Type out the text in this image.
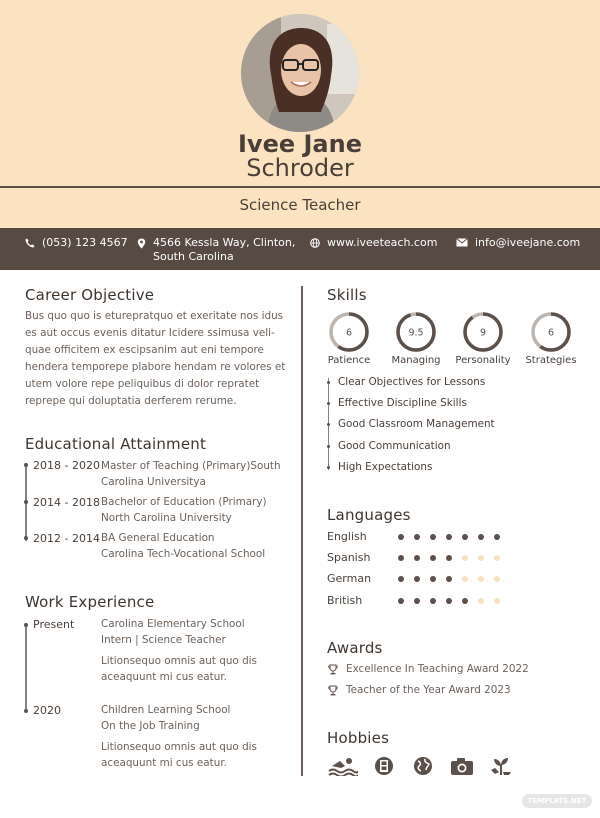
Ivee Jane
Schroder
Science Teacher
(053) 123 4567 4566 Kessla Way, Clinton,
South Carolina
www.iveeteach.com	info@iveejane.com
Career Objective
Bus quo quo is eturepratquo et exeritate nos idus
es aut occus evenis ditatur Icidere ssimusa veli-
quae officitem ex escipsanim aut eni tempore
hendera temporepe plabore hendam re volores et
utem volore repe peliquibus di dolor repratet
reprepe qui doluptatia derferem rerume.
Educational Attainment
2018 - 2020 Master of Teaching (Primary)South
Carolina Universitya
2014 - 2018 Bachelor of Education (Primary)
North Carolina University
2012 - 2014 BA General Education
Carolina Tech-Vocational School
Work Experience
Present	Carolina Elementary School
Intern | Science Teacher
Litionsequo omnis aut quo dis
aceaquunt mi cus eatur.
2020	Children Learning School
On the Job Training
Litionsequo omnis aut quo dis
aceaquunt mi cus eatur.
Skills
6
Patience
9.5
Managing
9
Personality
6
Strategies
Clear Objectives for Lessons
Effective Discipline Skills
Good Classroom Management
Good Communication
High Expectations
Languages
English
Spanish
German
British
Awards
Excellence In Teaching Award 2022
Teacher of the Year Award 2023
Hobbies
TEMPLATE.NET
